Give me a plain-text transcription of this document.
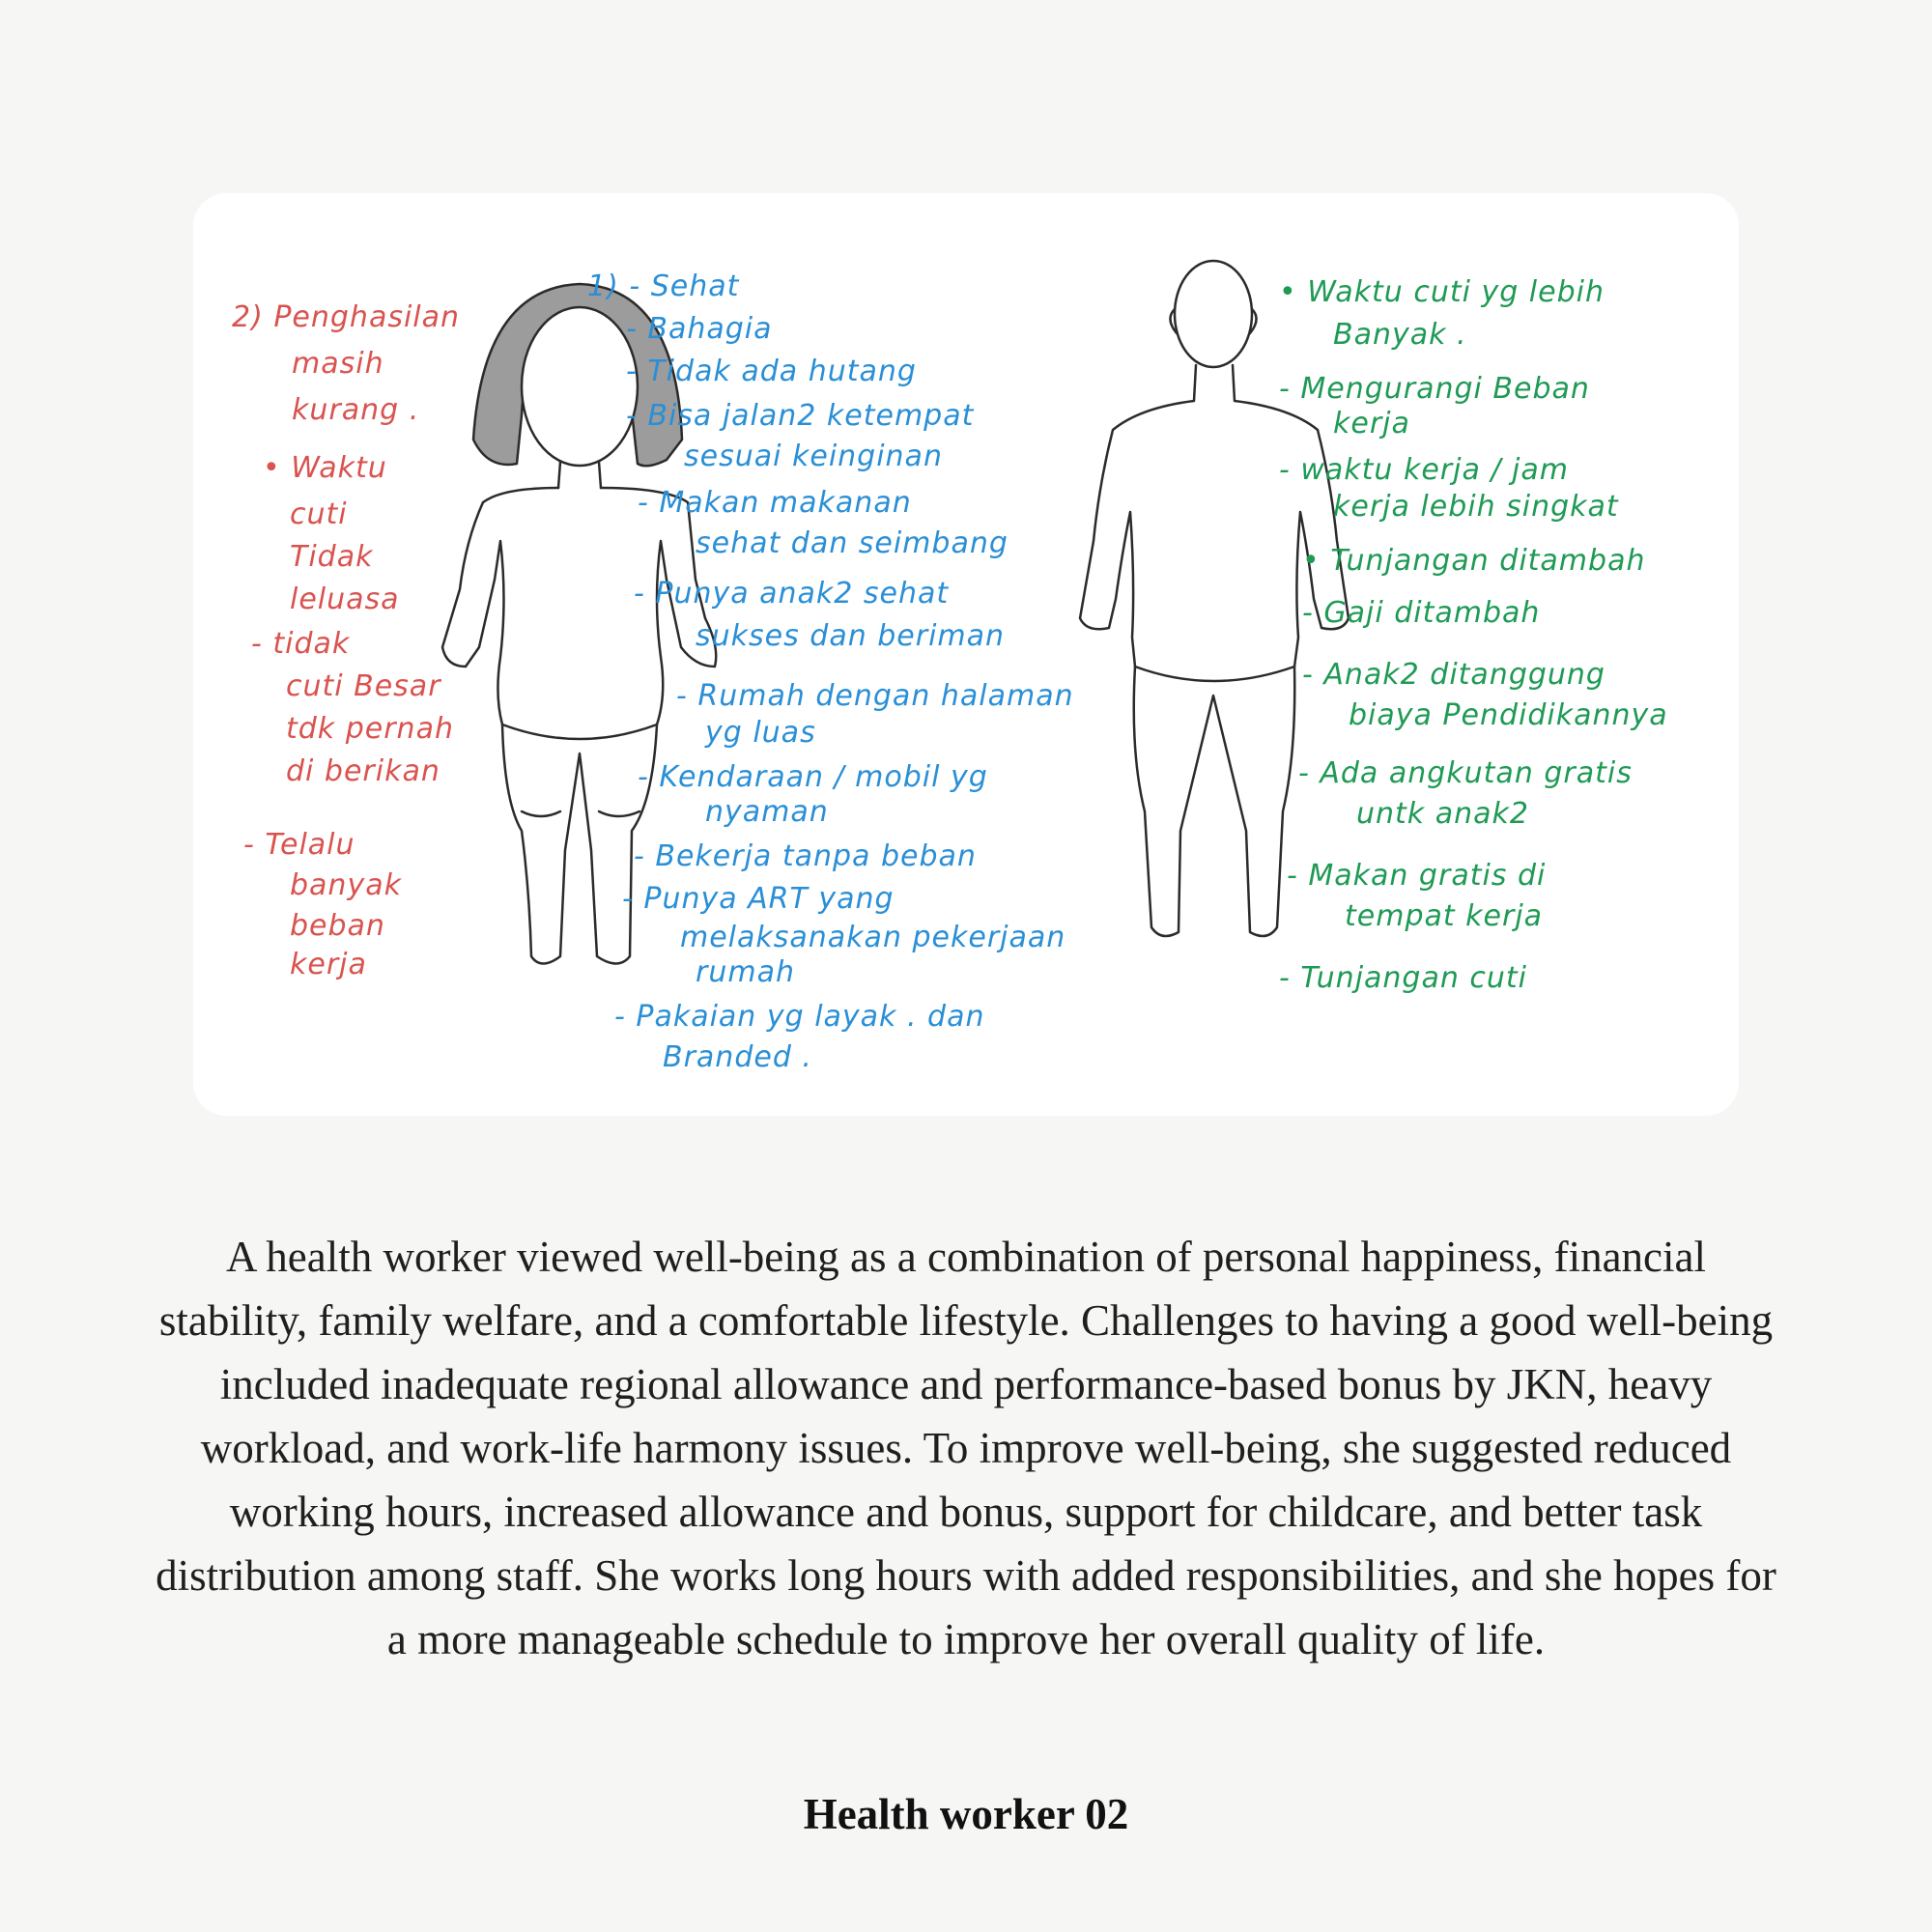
2) Penghasilan
masih
kurang .
• Waktu
cuti
Tidak
leluasa
- tidak
cuti Besar
tdk pernah
di berikan
- Telalu
banyak
beban
kerja
1) - Sehat
- Bahagia
- Tidak ada hutang
- Bisa jalan2 ketempat
sesuai keinginan
- Makan makanan
sehat dan seimbang
- Punya anak2 sehat
sukses dan beriman
- Rumah dengan halaman
yg luas
- Kendaraan / mobil yg
nyaman
- Bekerja tanpa beban
- Punya ART yang
melaksanakan pekerjaan
rumah
- Pakaian yg layak . dan
Branded .
• Waktu cuti yg lebih
Banyak .
- Mengurangi Beban
kerja
- waktu kerja / jam
kerja lebih singkat
• Tunjangan ditambah
- Gaji ditambah
- Anak2 ditanggung
biaya Pendidikannya
- Ada angkutan gratis
untk anak2
- Makan gratis di
tempat kerja
- Tunjangan cuti

A health worker viewed well-being as a combination of personal happiness, financial stability, family welfare, and a comfortable lifestyle. Challenges to having a good well-being included inadequate regional allowance and performance-based bonus by JKN, heavy workload, and work-life harmony issues. To improve well-being, she suggested reduced working hours, increased allowance and bonus, support for childcare, and better task distribution among staff. She works long hours with added responsibilities, and she hopes for a more manageable schedule to improve her overall quality of life.

Health worker 02
